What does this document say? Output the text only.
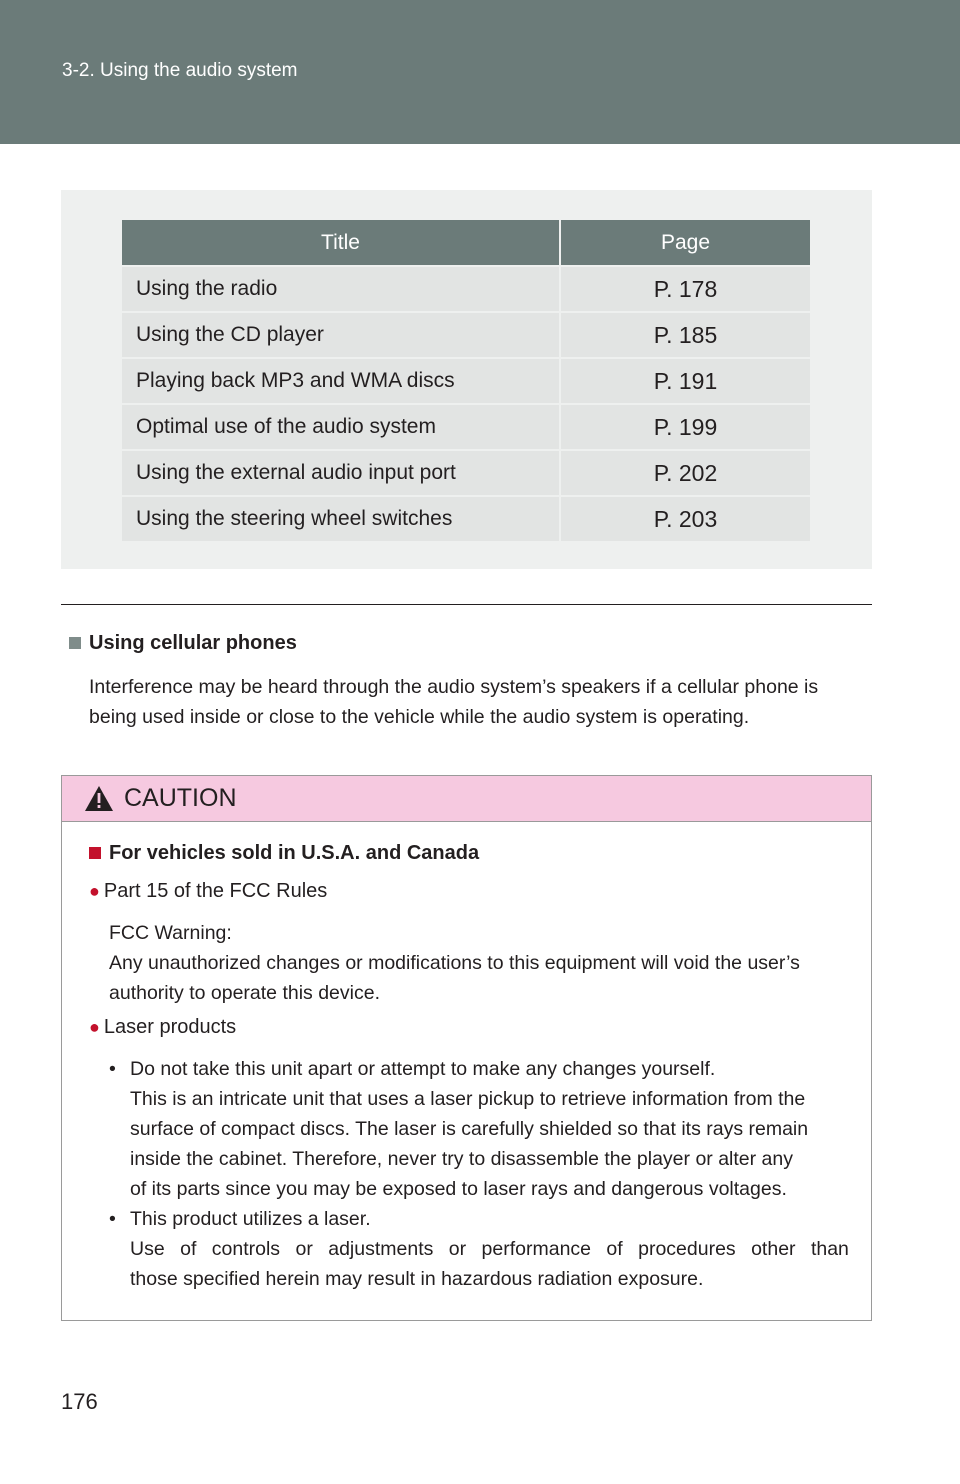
3-2. Using the audio system
Title	Page
Using the radio	P. 178
Using the CD player	P. 185
Playing back MP3 and WMA discs	P. 191
Optimal use of the audio system	P. 199
Using the external audio input port	P. 202
Using the steering wheel switches	P. 203
Using cellular phones
Interference may be heard through the audio system’s speakers if a cellular phone is
being used inside or close to the vehicle while the audio system is operating.
CAUTION
For vehicles sold in U.S.A. and Canada
● Part 15 of the FCC Rules
FCC Warning:
Any unauthorized changes or modifications to this equipment will void the user’s
authority to operate this device.
● Laser products
• Do not take this unit apart or attempt to make any changes yourself.
This is an intricate unit that uses a laser pickup to retrieve information from the
surface of compact discs. The laser is carefully shielded so that its rays remain
inside the cabinet. Therefore, never try to disassemble the player or alter any
of its parts since you may be exposed to laser rays and dangerous voltages.
• This product utilizes a laser.
Use of controls or adjustments or performance of procedures other than
those specified herein may result in hazardous radiation exposure.
176
